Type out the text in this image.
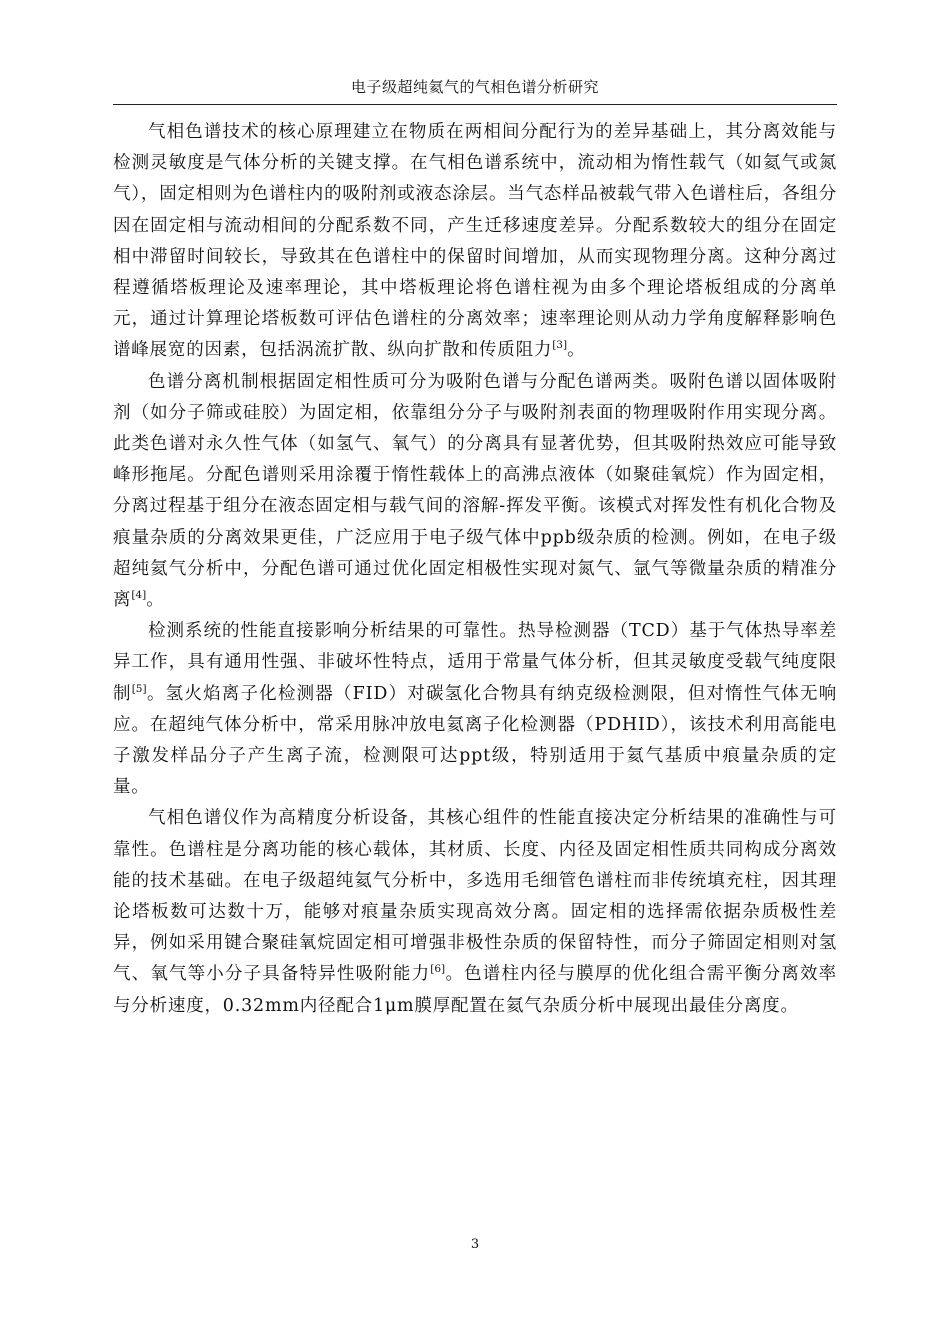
电子级超纯氦气的气相色谱分析研究

气相色谱技术的核心原理建立在物质在两相间分配行为的差异基础上，其分离效能与检测灵敏度是气体分析的关键支撑。在气相色谱系统中，流动相为惰性载气（如氦气或氮气），固定相则为色谱柱内的吸附剂或液态涂层。当气态样品被载气带入色谱柱后，各组分因在固定相与流动相间的分配系数不同，产生迁移速度差异。分配系数较大的组分在固定相中滞留时间较长，导致其在色谱柱中的保留时间增加，从而实现物理分离。这种分离过程遵循塔板理论及速率理论，其中塔板理论将色谱柱视为由多个理论塔板组成的分离单元，通过计算理论塔板数可评估色谱柱的分离效率；速率理论则从动力学角度解释影响色谱峰展宽的因素，包括涡流扩散、纵向扩散和传质阻力[3]。

色谱分离机制根据固定相性质可分为吸附色谱与分配色谱两类。吸附色谱以固体吸附剂（如分子筛或硅胶）为固定相，依靠组分分子与吸附剂表面的物理吸附作用实现分离。此类色谱对永久性气体（如氢气、氧气）的分离具有显著优势，但其吸附热效应可能导致峰形拖尾。分配色谱则采用涂覆于惰性载体上的高沸点液体（如聚硅氧烷）作为固定相，分离过程基于组分在液态固定相与载气间的溶解-挥发平衡。该模式对挥发性有机化合物及痕量杂质的分离效果更佳，广泛应用于电子级气体中ppb级杂质的检测。例如，在电子级超纯氦气分析中，分配色谱可通过优化固定相极性实现对氮气、氩气等微量杂质的精准分离[4]。

检测系统的性能直接影响分析结果的可靠性。热导检测器（TCD）基于气体热导率差异工作，具有通用性强、非破坏性特点，适用于常量气体分析，但其灵敏度受载气纯度限制[5]。氢火焰离子化检测器（FID）对碳氢化合物具有纳克级检测限，但对惰性气体无响应。在超纯气体分析中，常采用脉冲放电氦离子化检测器（PDHID），该技术利用高能电子激发样品分子产生离子流，检测限可达ppt级，特别适用于氦气基质中痕量杂质的定量。

气相色谱仪作为高精度分析设备，其核心组件的性能直接决定分析结果的准确性与可靠性。色谱柱是分离功能的核心载体，其材质、长度、内径及固定相性质共同构成分离效能的技术基础。在电子级超纯氦气分析中，多选用毛细管色谱柱而非传统填充柱，因其理论塔板数可达数十万，能够对痕量杂质实现高效分离。固定相的选择需依据杂质极性差异，例如采用键合聚硅氧烷固定相可增强非极性杂质的保留特性，而分子筛固定相则对氢气、氧气等小分子具备特异性吸附能力[6]。色谱柱内径与膜厚的优化组合需平衡分离效率与分析速度，0.32mm内径配合1μm膜厚配置在氦气杂质分析中展现出最佳分离度。

3
